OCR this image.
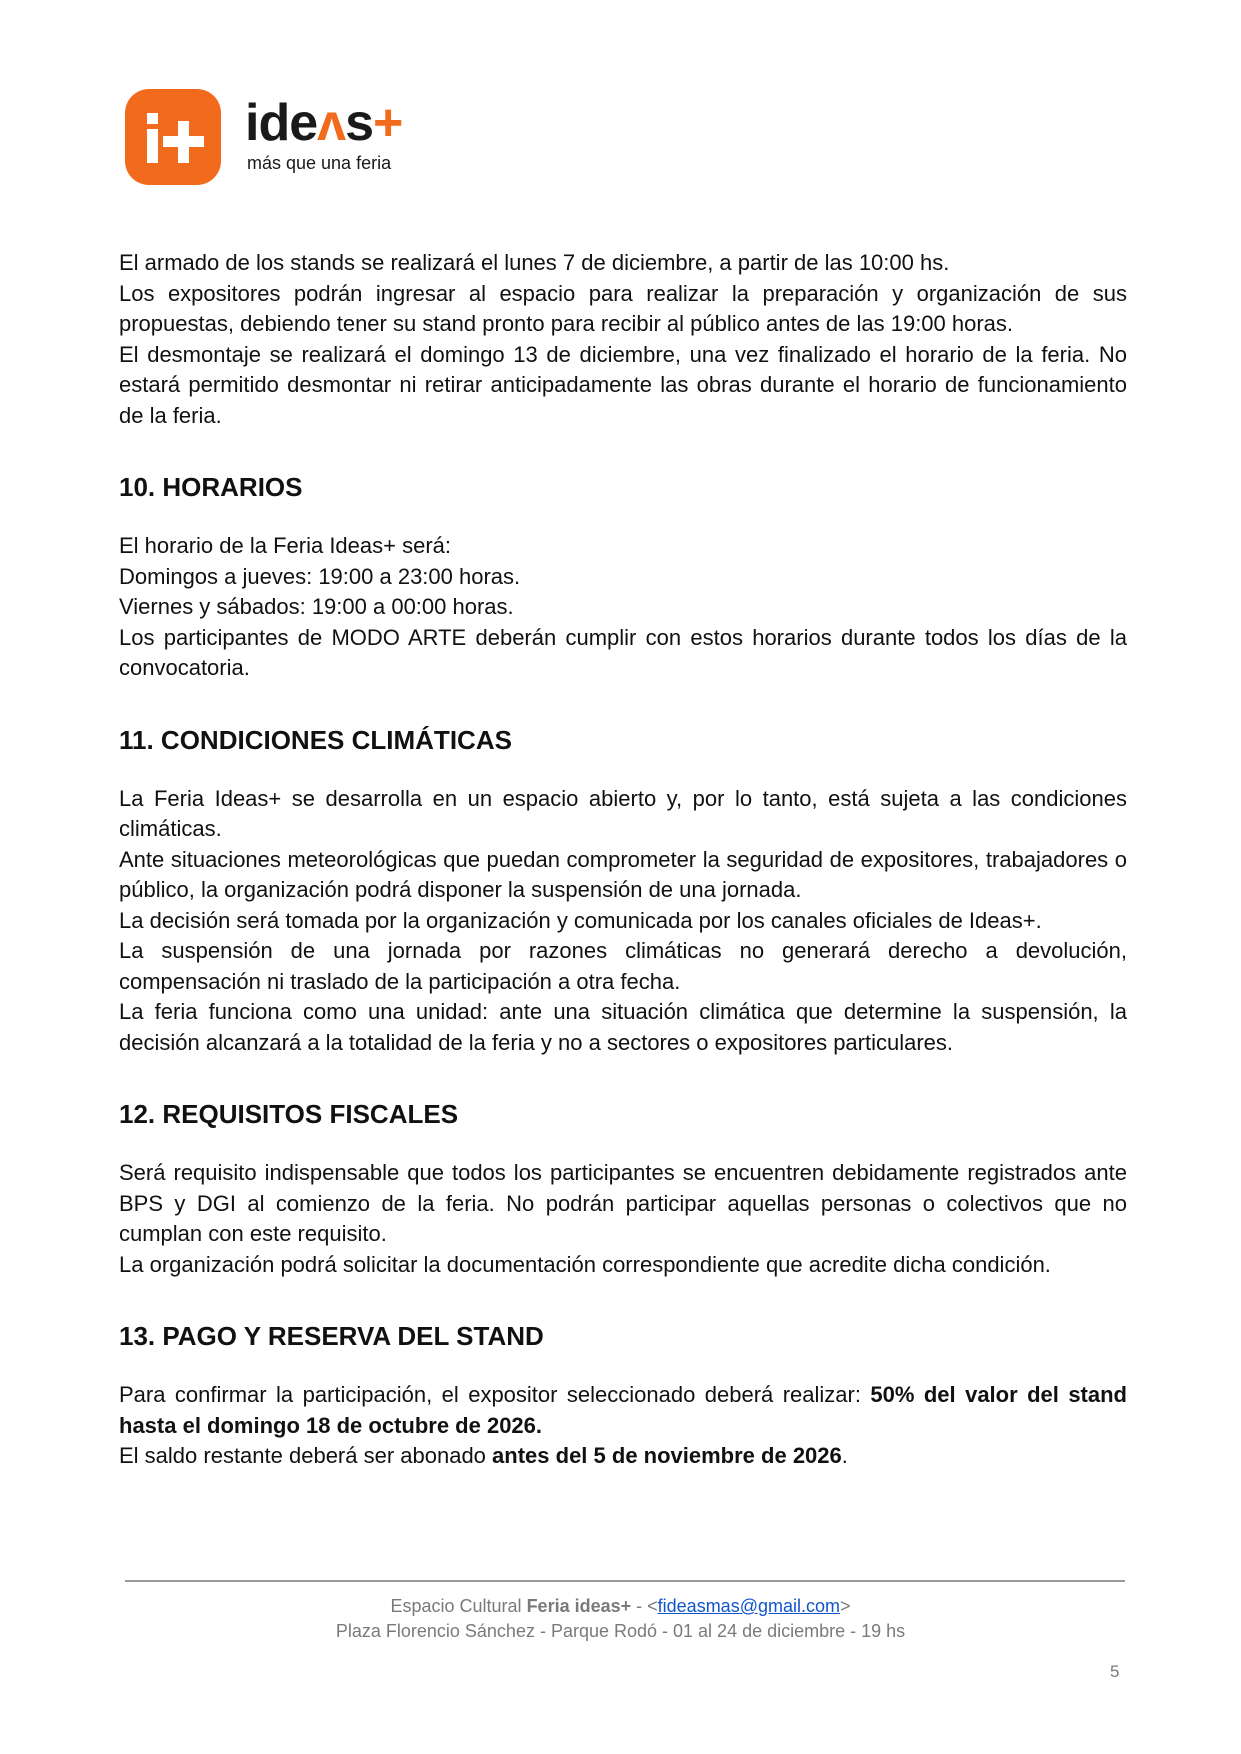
ideʌs+
más que una feria

El armado de los stands se realizará el lunes 7 de diciembre, a partir de las 10:00 hs.

Los expositores podrán ingresar al espacio para realizar la preparación y organización de sus propuestas, debiendo tener su stand pronto para recibir al público antes de las 19:00 horas.

El desmontaje se realizará el domingo 13 de diciembre, una vez finalizado el horario de la feria. No estará permitido desmontar ni retirar anticipadamente las obras durante el horario de funcionamiento de la feria.

10. HORARIOS

El horario de la Feria Ideas+ será:

Domingos a jueves: 19:00 a 23:00 horas.

Viernes y sábados: 19:00 a 00:00 horas.

Los participantes de MODO ARTE deberán cumplir con estos horarios durante todos los días de la convocatoria.

11. CONDICIONES CLIMÁTICAS

La Feria Ideas+ se desarrolla en un espacio abierto y, por lo tanto, está sujeta a las condiciones climáticas.

Ante situaciones meteorológicas que puedan comprometer la seguridad de expositores, trabajadores o público, la organización podrá disponer la suspensión de una jornada.

La decisión será tomada por la organización y comunicada por los canales oficiales de Ideas+.

La suspensión de una jornada por razones climáticas no generará derecho a devolución, compensación ni traslado de la participación a otra fecha.

La feria funciona como una unidad: ante una situación climática que determine la suspensión, la decisión alcanzará a la totalidad de la feria y no a sectores o expositores particulares.

12. REQUISITOS FISCALES

Será requisito indispensable que todos los participantes se encuentren debidamente registrados ante BPS y DGI al comienzo de la feria. No podrán participar aquellas personas o colectivos que no cumplan con este requisito.

La organización podrá solicitar la documentación correspondiente que acredite dicha condición.

13. PAGO Y RESERVA DEL STAND

Para confirmar la participación, el expositor seleccionado deberá realizar: 50% del valor del stand hasta el domingo 18 de octubre de 2026.

El saldo restante deberá ser abonado antes del 5 de noviembre de 2026.

Espacio Cultural Feria ideas+ - <fideasmas@gmail.com>
Plaza Florencio Sánchez - Parque Rodó - 01 al 24 de diciembre - 19 hs
5
